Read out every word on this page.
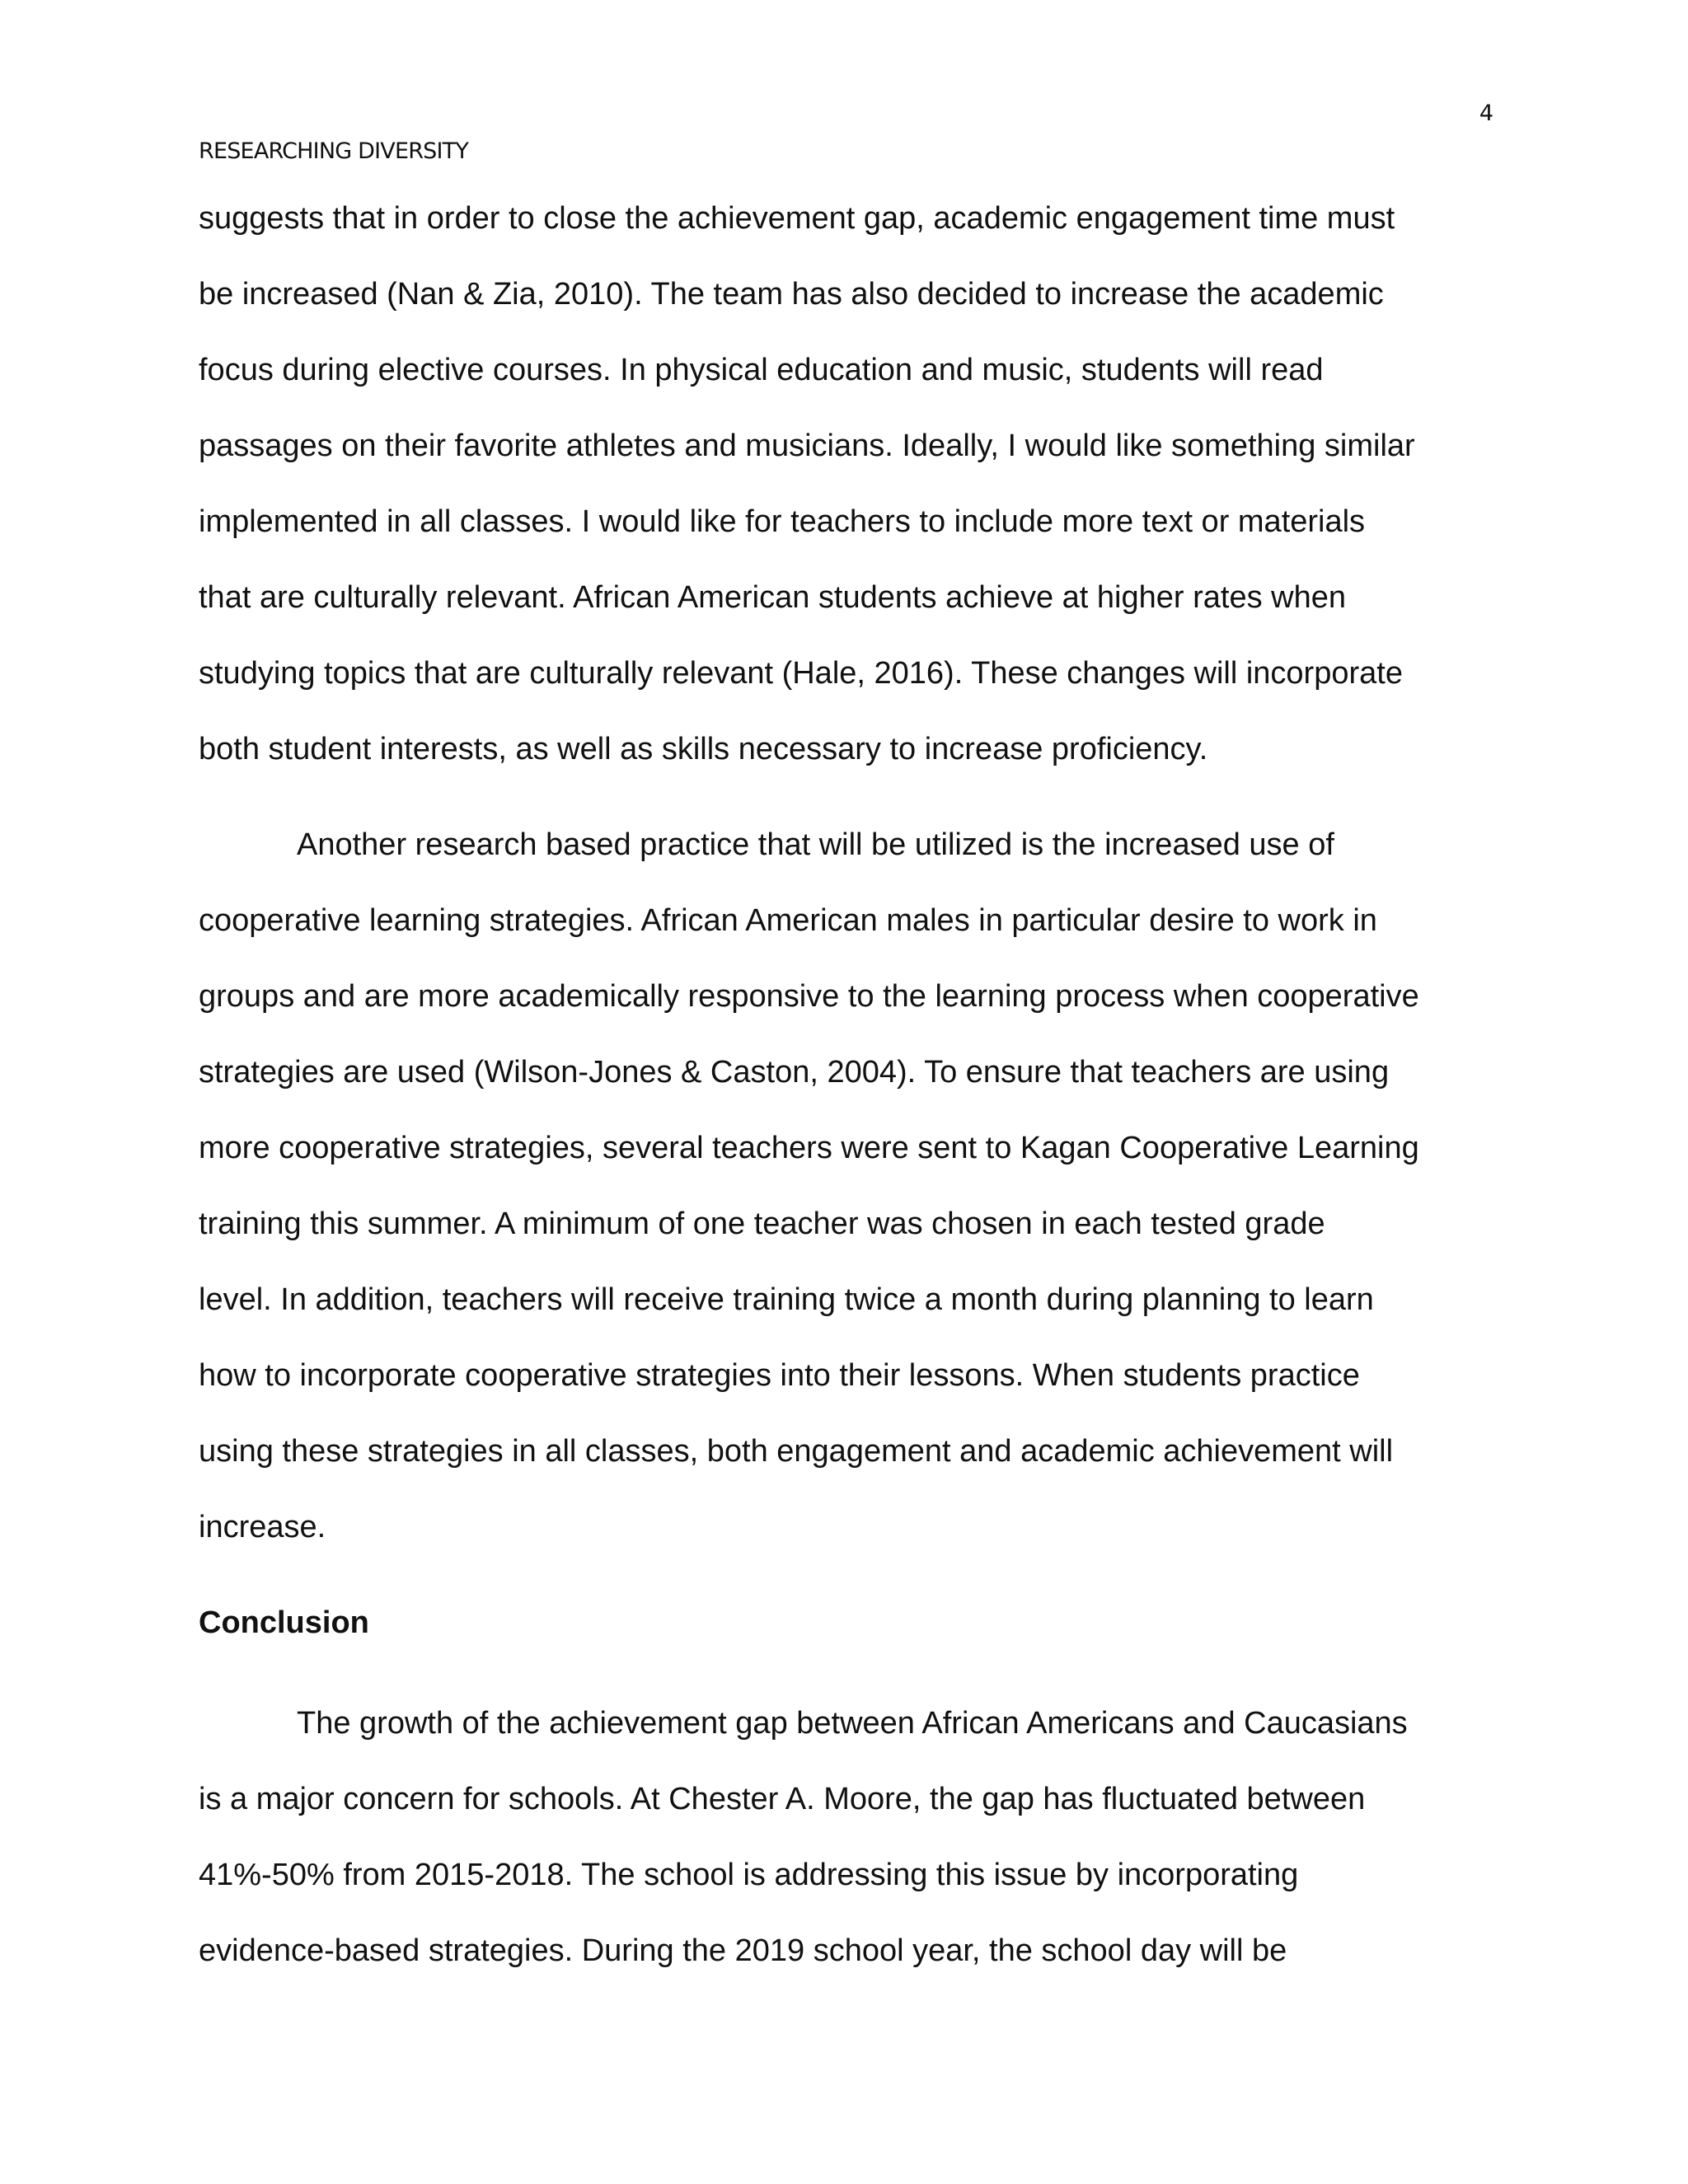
4
RESEARCHING DIVERSITY
suggests that in order to close the achievement gap, academic engagement time must
be increased (Nan & Zia, 2010). The team has also decided to increase the academic
focus during elective courses. In physical education and music, students will read
passages on their favorite athletes and musicians. Ideally, I would like something similar
implemented in all classes. I would like for teachers to include more text or materials
that are culturally relevant. African American students achieve at higher rates when
studying topics that are culturally relevant (Hale, 2016). These changes will incorporate
both student interests, as well as skills necessary to increase proficiency.
Another research based practice that will be utilized is the increased use of
cooperative learning strategies. African American males in particular desire to work in
groups and are more academically responsive to the learning process when cooperative
strategies are used (Wilson-Jones & Caston, 2004). To ensure that teachers are using
more cooperative strategies, several teachers were sent to Kagan Cooperative Learning
training this summer. A minimum of one teacher was chosen in each tested grade
level. In addition, teachers will receive training twice a month during planning to learn
how to incorporate cooperative strategies into their lessons. When students practice
using these strategies in all classes, both engagement and academic achievement will
increase.
Conclusion
The growth of the achievement gap between African Americans and Caucasians
is a major concern for schools. At Chester A. Moore, the gap has fluctuated between
41%-50% from 2015-2018. The school is addressing this issue by incorporating
evidence-based strategies. During the 2019 school year, the school day will be
